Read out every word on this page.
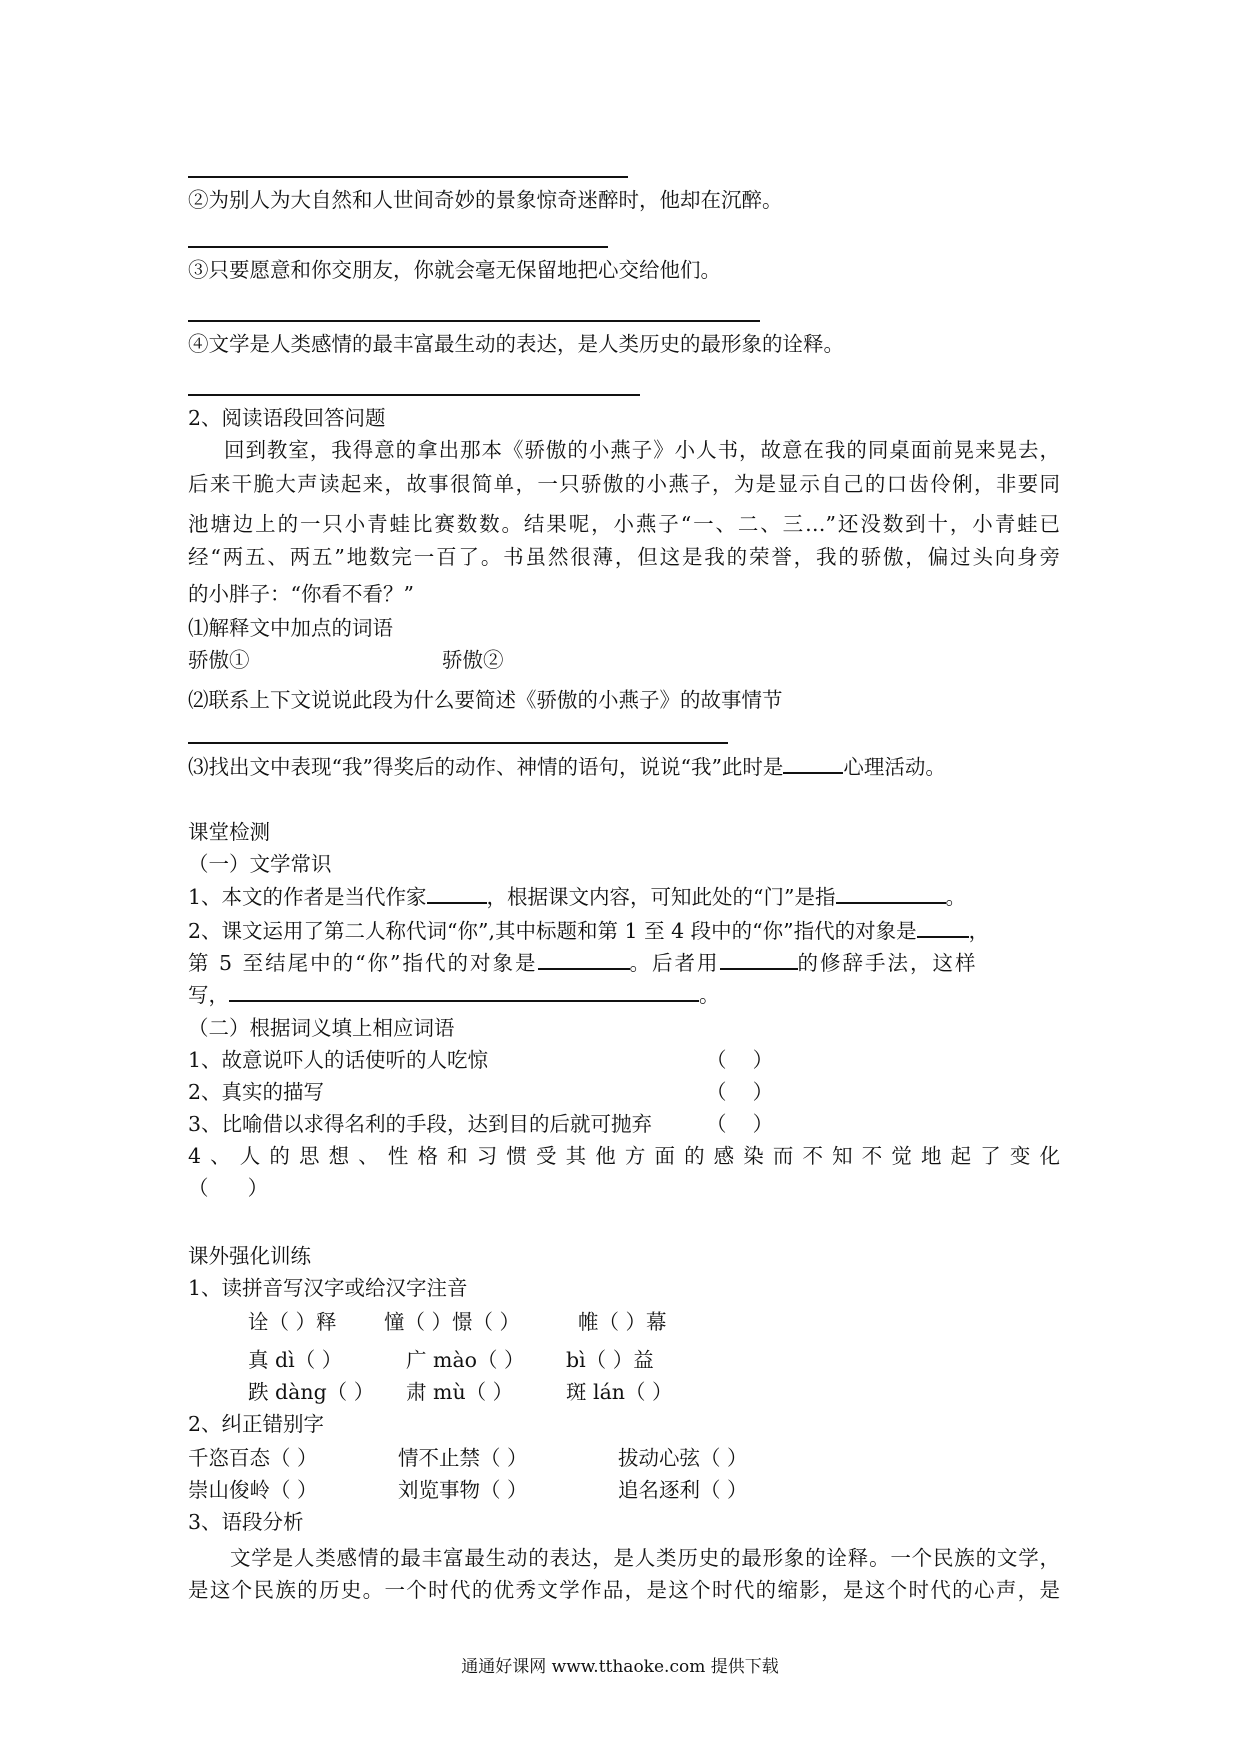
②为别人为大自然和人世间奇妙的景象惊奇迷醉时，他却在沉醉。
③只要愿意和你交朋友，你就会毫无保留地把心交给他们。
④文学是人类感情的最丰富最生动的表达，是人类历史的最形象的诠释。
2、阅读语段回答问题
回到教室，我得意的拿出那本《骄傲的小燕子》小人书，故意在我的同桌面前晃来晃去，
后来干脆大声读起来，故事很简单，一只骄傲的小燕子，为是显示自己的口齿伶俐，非要同
池塘边上的一只小青蛙比赛数数。结果呢，小燕子“一、二、三…”还没数到十，小青蛙已
经“两五、两五”地数完一百了。书虽然很薄，但这是我的荣誉，我的骄傲，偏过头向身旁
的小胖子：“你看不看？”
⑴解释文中加点的词语
骄傲①	骄傲②
⑵联系上下文说说此段为什么要简述《骄傲的小燕子》的故事情节
⑶找出文中表现“我”得奖后的动作、神情的语句，说说“我”此时是	心理活动。
课堂检测
（一）文学常识
1、本文的作者是当代作家	，根据课文内容，可知此处的“门”是指	。
2、课文运用了第二人称代词“你”,其中标题和第 1 至 4 段中的“你”指代的对象是	，
第 5 至结尾中的“你”指代的对象是	。后者用	的修辞手法，这样
写，	。
（二）根据词义填上相应词语
1、故意说吓人的话使听的人吃惊	（    ）
2、真实的描写	（    ）
3、比喻借以求得名利的手段，达到目的后就可抛弃	（    ）
4、人的思想、性格和习惯受其他方面的感染而不知不觉地起了变化
（      ）
课外强化训练
1、读拼音写汉字或给汉字注音
诠（ ）释 憧（ ）憬（ ）	帷（ ）幕
真 dì（ ）	广 mào（ ） bì（ ）益
跌 dàng（ ） 肃 mù（ ）	斑 lán（ ）
2、纠正错别字
千恣百态（ ）	情不止禁（ ）	拔动心弦（ ）
崇山俊岭（ ）	刘览事物（ ）	追名逐利（ ）
3、语段分析
文学是人类感情的最丰富最生动的表达，是人类历史的最形象的诠释。一个民族的文学，
是这个民族的历史。一个时代的优秀文学作品，是这个时代的缩影，是这个时代的心声，是
通通好课网 www.tthaoke.com 提供下载
